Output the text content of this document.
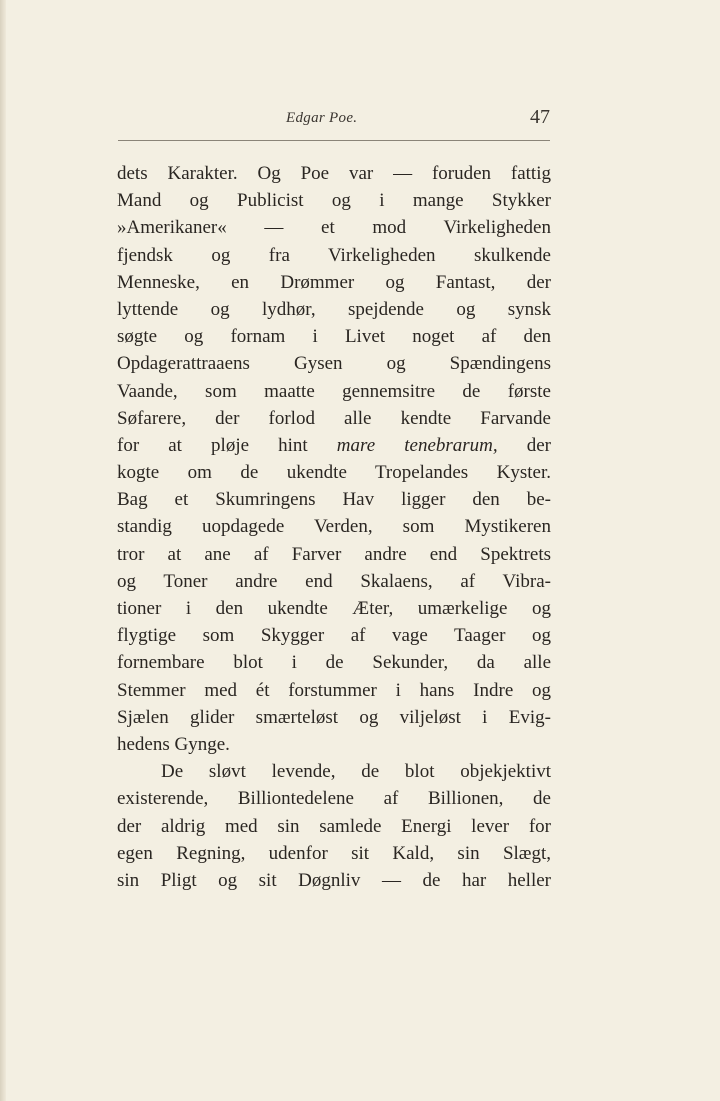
Edgar Poe.	47
dets Karakter. Og Poe var — foruden fattig
Mand og Publicist og i mange Stykker
»Amerikaner« — et mod Virkeligheden
fjendsk og fra Virkeligheden skulkende
Menneske, en Drømmer og Fantast, der
lyttende og lydhør, spejdende og synsk
søgte og fornam i Livet noget af den
Opdagerattraaens Gysen og Spændingens
Vaande, som maatte gennemsitre de første
Søfarere, der forlod alle kendte Farvande
for at pløje hint mare tenebrarum, der
kogte om de ukendte Tropelandes Kyster.
Bag et Skumringens Hav ligger den be-
standig uopdagede Verden, som Mystikeren
tror at ane af Farver andre end Spektrets
og Toner andre end Skalaens, af Vibra-
tioner i den ukendte Æter, umærkelige og
flygtige som Skygger af vage Taager og
fornembare blot i de Sekunder, da alle
Stemmer med ét forstummer i hans Indre og
Sjælen glider smærteløst og viljeløst i Evig-
hedens Gynge.
De sløvt levende, de blot objekjektivt
existerende, Billiontedelene af Billionen, de
der aldrig med sin samlede Energi lever for
egen Regning, udenfor sit Kald, sin Slægt,
sin Pligt og sit Døgnliv — de har heller
